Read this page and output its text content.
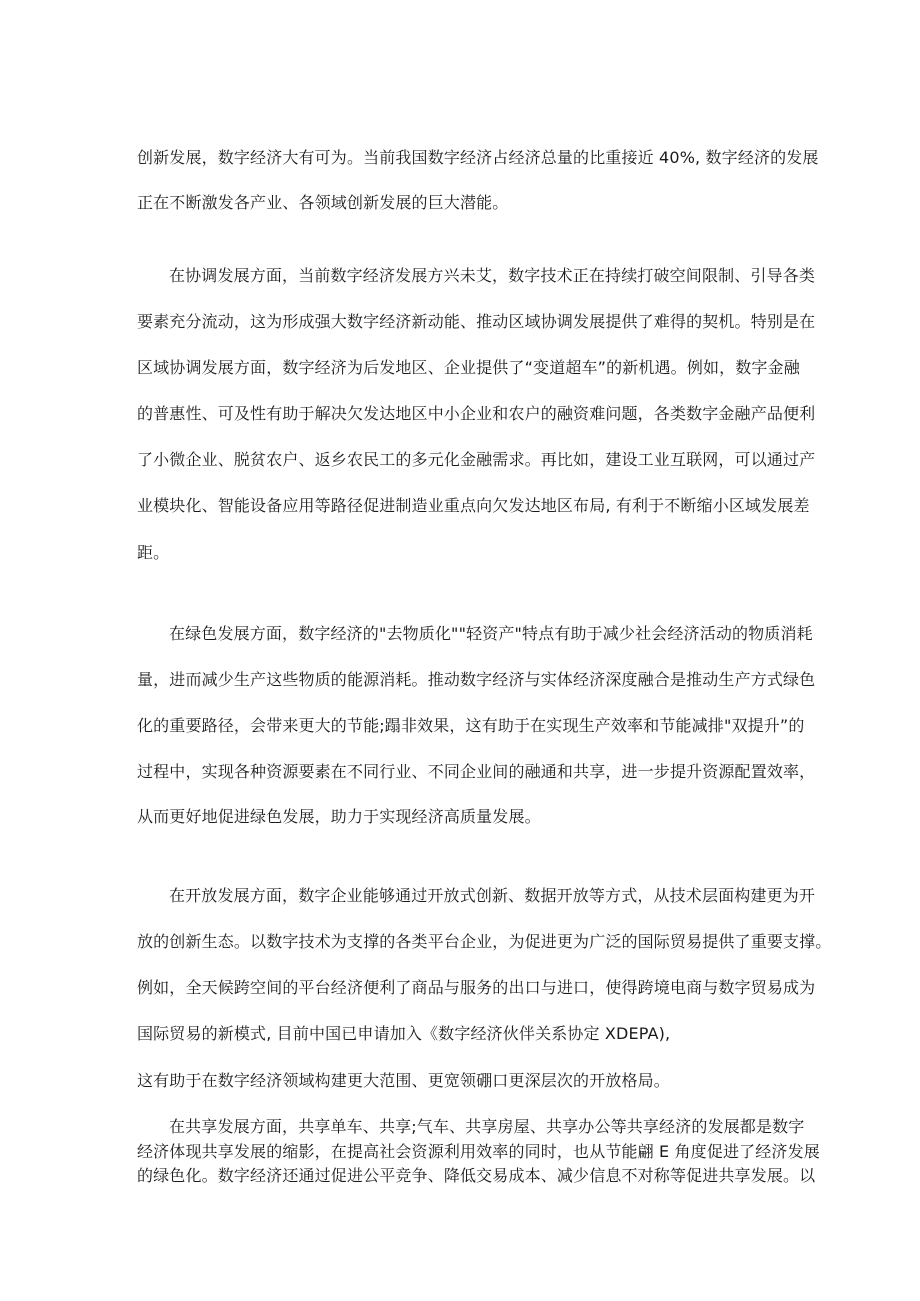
创新发展，数字经济大有可为。当前我国数字经济占经济总量的比重接近 40%, 数字经济的发展
正在不断激发各产业、各领域创新发展的巨大潜能。
在协调发展方面，当前数字经济发展方兴未艾，数字技术正在持续打破空间限制、引导各类
要素充分流动，这为形成强大数字经济新动能、推动区域协调发展提供了难得的契机。特别是在
区域协调发展方面，数字经济为后发地区、企业提供了“变道超车”的新机遇。例如，数字金融
的普惠性、可及性有助于解决欠发达地区中小企业和农户的融资难问题，各类数字金融产品便利
了小微企业、脱贫农户、返乡农民工的多元化金融需求。再比如，建设工业互联网，可以通过产
业模块化、智能设备应用等路径促进制造业重点向欠发达地区布局, 有利于不断缩小区域发展差
距。
在绿色发展方面，数字经济的"去物质化""轻资产"特点有助于减少社会经济活动的物质消耗
量，进而减少生产这些物质的能源消耗。推动数字经济与实体经济深度融合是推动生产方式绿色
化的重要路径，会带来更大的节能;蹋非效果，这有助于在实现生产效率和节能减排"双提升”的
过程中，实现各种资源要素在不同行业、不同企业间的融通和共享，进一步提升资源配置效率，
从而更好地促进绿色发展，助力于实现经济高质量发展。
在开放发展方面，数字企业能够通过开放式创新、数据开放等方式，从技术层面构建更为开
放的创新生态。以数字技术为支撑的各类平台企业，为促进更为广泛的国际贸易提供了重要支撑。
例如，全天候跨空间的平台经济便利了商品与服务的出口与进口，使得跨境电商与数字贸易成为
国际贸易的新模式, 目前中国已申请加入《数字经济伙伴关系协定 XDEPA),
这有助于在数字经济领域构建更大范围、更宽领硼口更深层次的开放格局。
在共享发展方面，共享单车、共享;气车、共享房屋、共享办公等共享经济的发展都是数字
经济体现共享发展的缩影，在提高社会资源利用效率的同时，也从节能翩 E 角度促进了经济发展
的绿色化。数字经济还通过促进公平竞争、降低交易成本、减少信息不对称等促进共享发展。以
